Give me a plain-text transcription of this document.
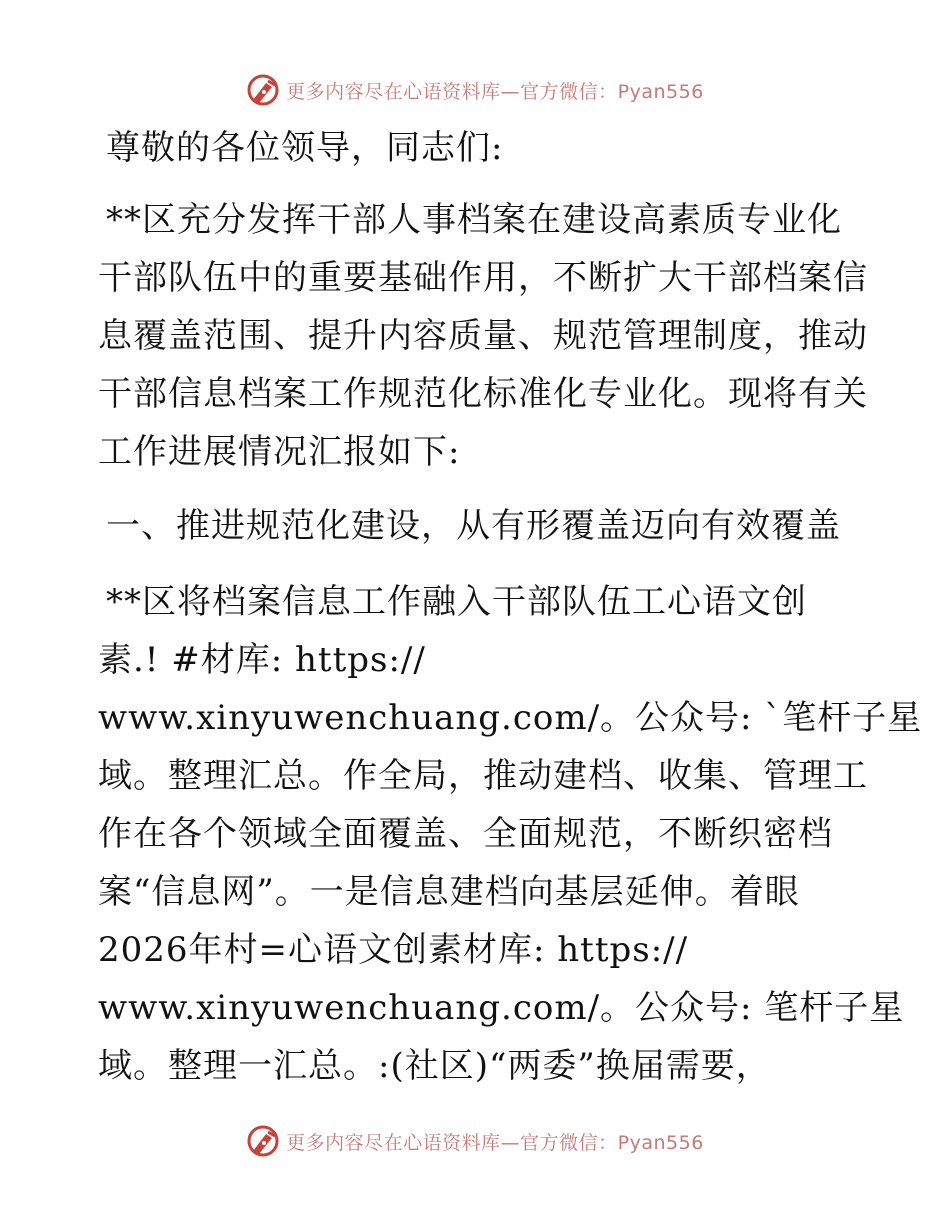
更多内容尽在心语资料库—官方微信：Pyan556
尊敬的各位领导，同志们:
**区充分发挥干部人事档案在建设高素质专业化
干部队伍中的重要基础作用，不断扩大干部档案信
息覆盖范围、提升内容质量、规范管理制度，推动
干部信息档案工作规范化标准化专业化。现将有关
工作进展情况汇报如下:
一、推进规范化建设，从有形覆盖迈向有效覆盖
**区将档案信息工作融入干部队伍工心语文创
素.! #材库: https://
www.xinyuwenchuang.com/。公众号: `笔杆子星
域。整理汇总。作全局，推动建档、收集、管理工
作在各个领域全面覆盖、全面规范，不断织密档
案“信息网”。一是信息建档向基层延伸。着眼
2026年村=心语文创素材库: https://
www.xinyuwenchuang.com/。公众号: 笔杆子星
域。整理一汇总。:(社区)“两委”换届需要，
更多内容尽在心语资料库—官方微信：Pyan556
